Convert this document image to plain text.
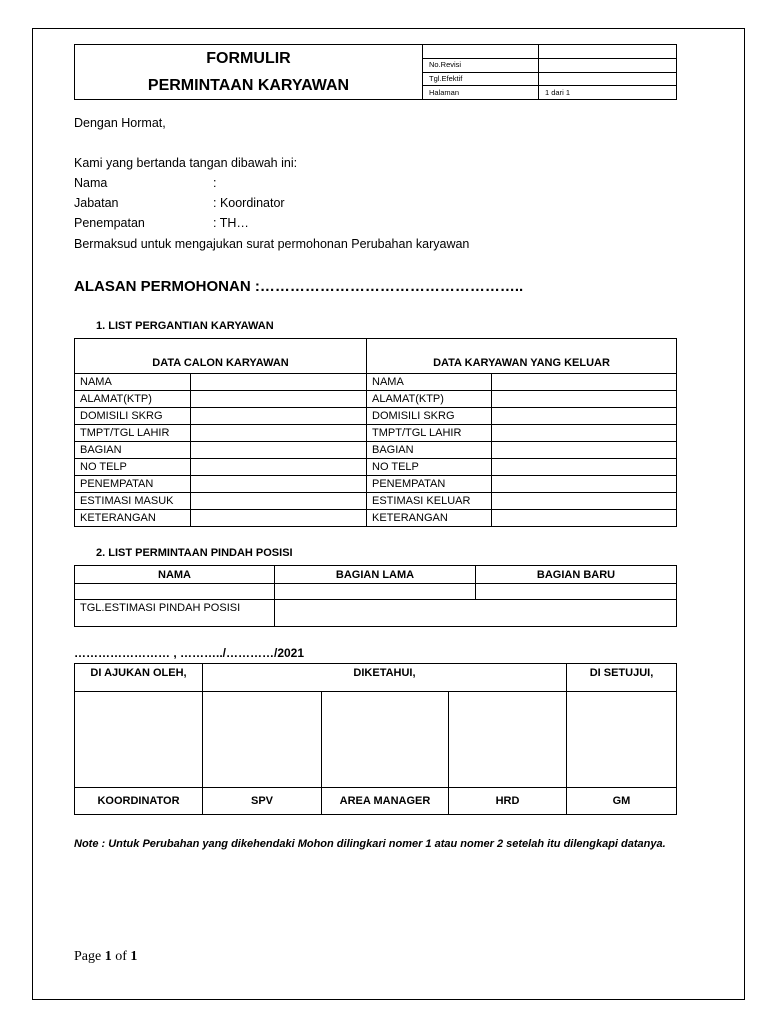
FORMULIR
PERMINTAAN KARYAWAN		

	No.Revisi	
	Tgl.Efektif	
	Halaman	1 dari 1
Dengan Hormat,
Kami yang bertanda tangan dibawah ini:
Nama	:
Jabatan	: Koordinator
Penempatan	: TH…
Bermaksud untuk mengajukan surat permohonan Perubahan karyawan
ALASAN PERMOHONAN :……………………………………………..
1. LIST PERGANTIAN KARYAWAN
DATA CALON KARYAWAN		DATA KARYAWAN YANG KELUAR	
NAMA		NAMA	
ALAMAT(KTP)		ALAMAT(KTP)	
DOMISILI SKRG		DOMISILI SKRG	
TMPT/TGL LAHIR		TMPT/TGL LAHIR	
BAGIAN		BAGIAN	
NO TELP		NO TELP	
PENEMPATAN		PENEMPATAN	
ESTIMASI MASUK		ESTIMASI KELUAR	
KETERANGAN		KETERANGAN	
2. LIST PERMINTAAN PINDAH POSISI
NAMA	BAGIAN LAMA	BAGIAN BARU

TGL.ESTIMASI PINDAH POSISI		
…………………… , ………../…………/2021
DI AJUKAN OLEH,	DIKETAHUI,			DI SETUJUI,

KOORDINATOR	SPV	AREA MANAGER	HRD	GM
Note : Untuk Perubahan yang dikehendaki Mohon dilingkari nomer 1 atau nomer 2 setelah itu dilengkapi datanya.
Page 1 of 1
